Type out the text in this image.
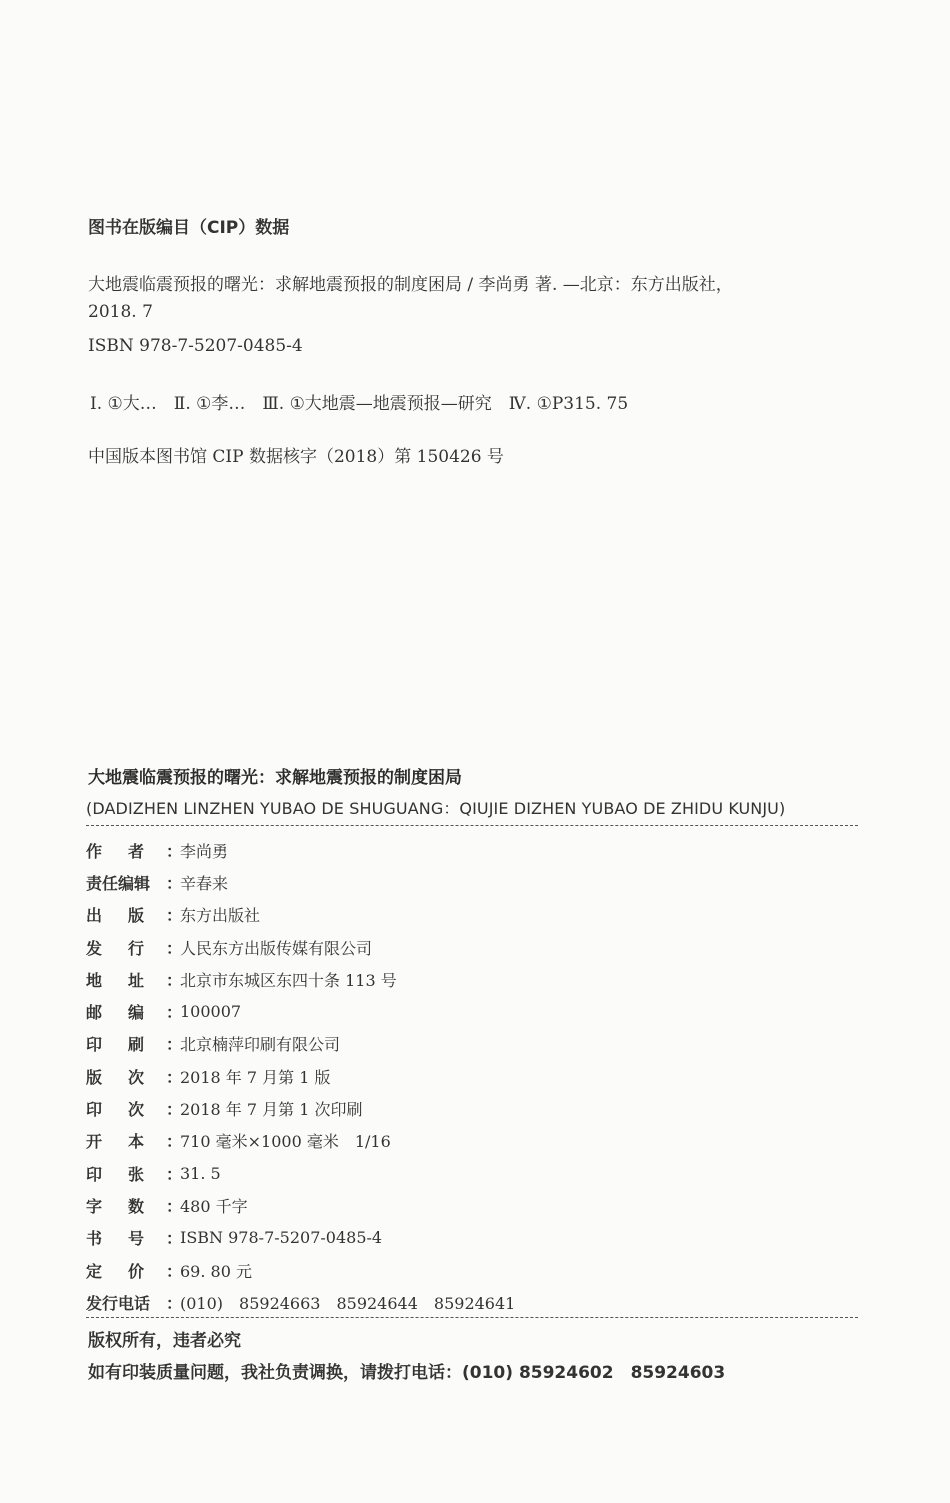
图书在版编目（CIP）数据
大地震临震预报的曙光：求解地震预报的制度困局 / 李尚勇 著. —北京：东方出版社，
2018. 7
ISBN 978-7-5207-0485-4
Ⅰ. ①大…　Ⅱ. ①李…　Ⅲ. ①大地震—地震预报—研究　Ⅳ. ①P315. 75
中国版本图书馆 CIP 数据核字（2018）第 150426 号
大地震临震预报的曙光：求解地震预报的制度困局
(DADIZHEN LINZHEN YUBAO DE SHUGUANG：QIUJIE DIZHEN YUBAO DE ZHIDU KUNJU)
作 者 ：
李尚勇
责任编辑 ：
辛春来
出 版 ：
东方出版社
发 行 ：
人民东方出版传媒有限公司
地 址 ：
北京市东城区东四十条 113 号
邮 编 ：
100007
印 刷 ：
北京楠萍印刷有限公司
版 次 ：
2018 年 7 月第 1 版
印 次 ：
2018 年 7 月第 1 次印刷
开 本 ：
710 毫米×1000 毫米　1/16
印 张 ：
31. 5
字 数 ：
480 千字
书 号 ：
ISBN 978-7-5207-0485-4
定 价 ：
69. 80 元
发行电话 ：
(010)　85924663　85924644　85924641
版权所有，违者必究
如有印装质量问题，我社负责调换，请拨打电话：(010) 85924602　85924603
